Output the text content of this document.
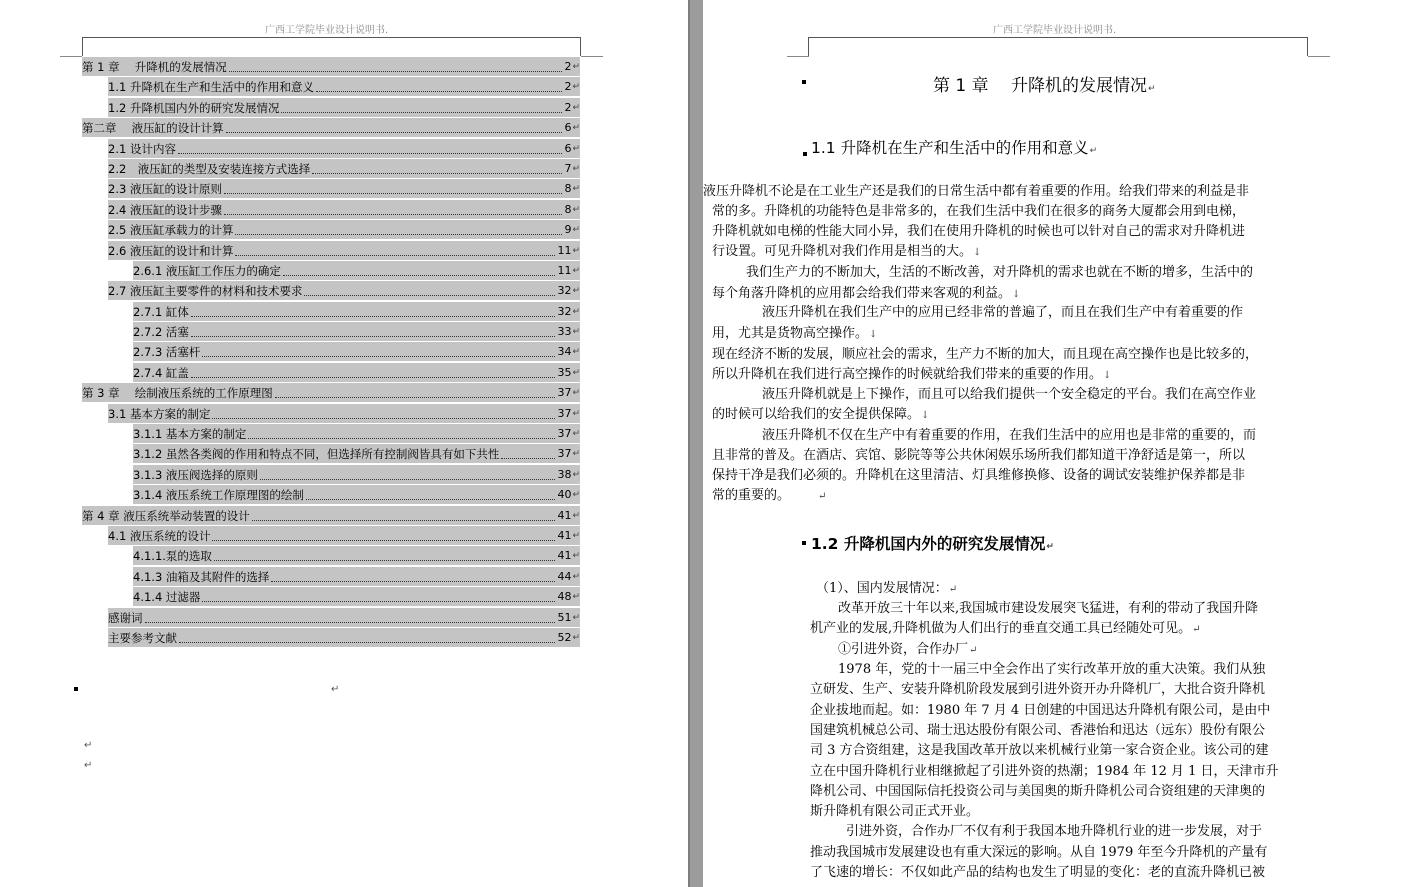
广西工学院毕业设计说明书.
第 1 章　 升降机的发展情况	2 ↵
1.1 升降机在生产和生活中的作用和意义	2 ↵
1.2 升降机国内外的研究发展情况	2 ↵
第二章　 液压缸的设计计算	6 ↵
2.1 设计内容	6 ↵
2.2　液压缸的类型及安装连接方式选择	7 ↵
2.3 液压缸的设计原则	8 ↵
2.4 液压缸的设计步骤	8 ↵
2.5 液压缸承载力的计算	9 ↵
2.6 液压缸的设计和计算	11 ↵
2.6.1 液压缸工作压力的确定	11 ↵
2.7 液压缸主要零件的材料和技术要求	32 ↵
2.7.1 缸体	32 ↵
2.7.2 活塞	33 ↵
2.7.3 活塞杆	34 ↵
2.7.4 缸盖	35 ↵
第 3 章　 绘制液压系统的工作原理图	37 ↵
3.1 基本方案的制定	37 ↵
3.1.1 基本方案的制定	37 ↵
3.1.2 虽然各类阀的作用和特点不同，但选择所有控制阀皆具有如下共性	37 ↵
3.1.3 液压阀选择的原则	38 ↵
3.1.4 液压系统工作原理图的绘制	40 ↵
第 4 章 液压系统举动装置的设计	41 ↵
4.1 液压系统的设计	41 ↵
4.1.1.泵的选取	41 ↵
4.1.3 油箱及其附件的选择	44 ↵
4.1.4 过滤器	48 ↵
感谢词	51 ↵
主要参考文献	52 ↵
↵
↵
↵
广西工学院毕业设计说明书.
第 1 章　 升降机的发展情况↵
1.1 升降机在生产和生活中的作用和意义↵
液压升降机不论是在工业生产还是我们的日常生活中都有着重要的作用。给我们带来的利益是非
常的多。升降机的功能特色是非常多的，在我们生活中我们在很多的商务大厦都会用到电梯，
升降机就如电梯的性能大同小异，我们在使用升降机的时候也可以针对自己的需求对升降机进
行设置。可见升降机对我们作用是相当的大。↓
我们生产力的不断加大，生活的不断改善，对升降机的需求也就在不断的增多，生活中的
每个角落升降机的应用都会给我们带来客观的利益。↓
液压升降机在我们生产中的应用已经非常的普遍了，而且在我们生产中有着重要的作
用，尤其是货物高空操作。↓
现在经济不断的发展，顺应社会的需求，生产力不断的加大，而且现在高空操作也是比较多的，
所以升降机在我们进行高空操作的时候就给我们带来的重要的作用。↓
液压升降机就是上下操作，而且可以给我们提供一个安全稳定的平台。我们在高空作业
的时候可以给我们的安全提供保障。↓
液压升降机不仅在生产中有着重要的作用，在我们生活中的应用也是非常的重要的，而
且非常的普及。在酒店、宾馆、影院等等公共休闲娱乐场所我们都知道干净舒适是第一，所以
保持干净是我们必须的。升降机在这里清洁、灯具维修换修、设备的调试安装维护保养都是非
常的重要的。	↵
1.2 升降机国内外的研究发展情况↵
（1）、国内发展情况：↵
改革开放三十年以来,我国城市建设发展突飞猛进，有利的带动了我国升降
机产业的发展,升降机做为人们出行的垂直交通工具已经随处可见。↵
①引进外资，合作办厂↵
1978 年，党的十一届三中全会作出了实行改革开放的重大决策。我们从独
立研发、生产、安装升降机阶段发展到引进外资开办升降机厂，大批合资升降机
企业拔地而起。如：1980 年 7 月 4 日创建的中国迅达升降机有限公司，是由中
国建筑机械总公司、瑞士迅达股份有限公司、香港怡和迅达（远东）股份有限公
司 3 方合资组建，这是我国改革开放以来机械行业第一家合资企业。该公司的建
立在中国升降机行业相继掀起了引进外资的热潮；1984 年 12 月 1 日，天津市升
降机公司、中国国际信托投资公司与美国奥的斯升降机公司合资组建的天津奥的
斯升降机有限公司正式开业。
引进外资，合作办厂不仅有利于我国本地升降机行业的进一步发展，对于
推动我国城市发展建设也有重大深远的影响。从自 1979 年至今升降机的产量有
了飞速的增长：不仅如此产品的结构也发生了明显的变化：老的直流升降机已被
